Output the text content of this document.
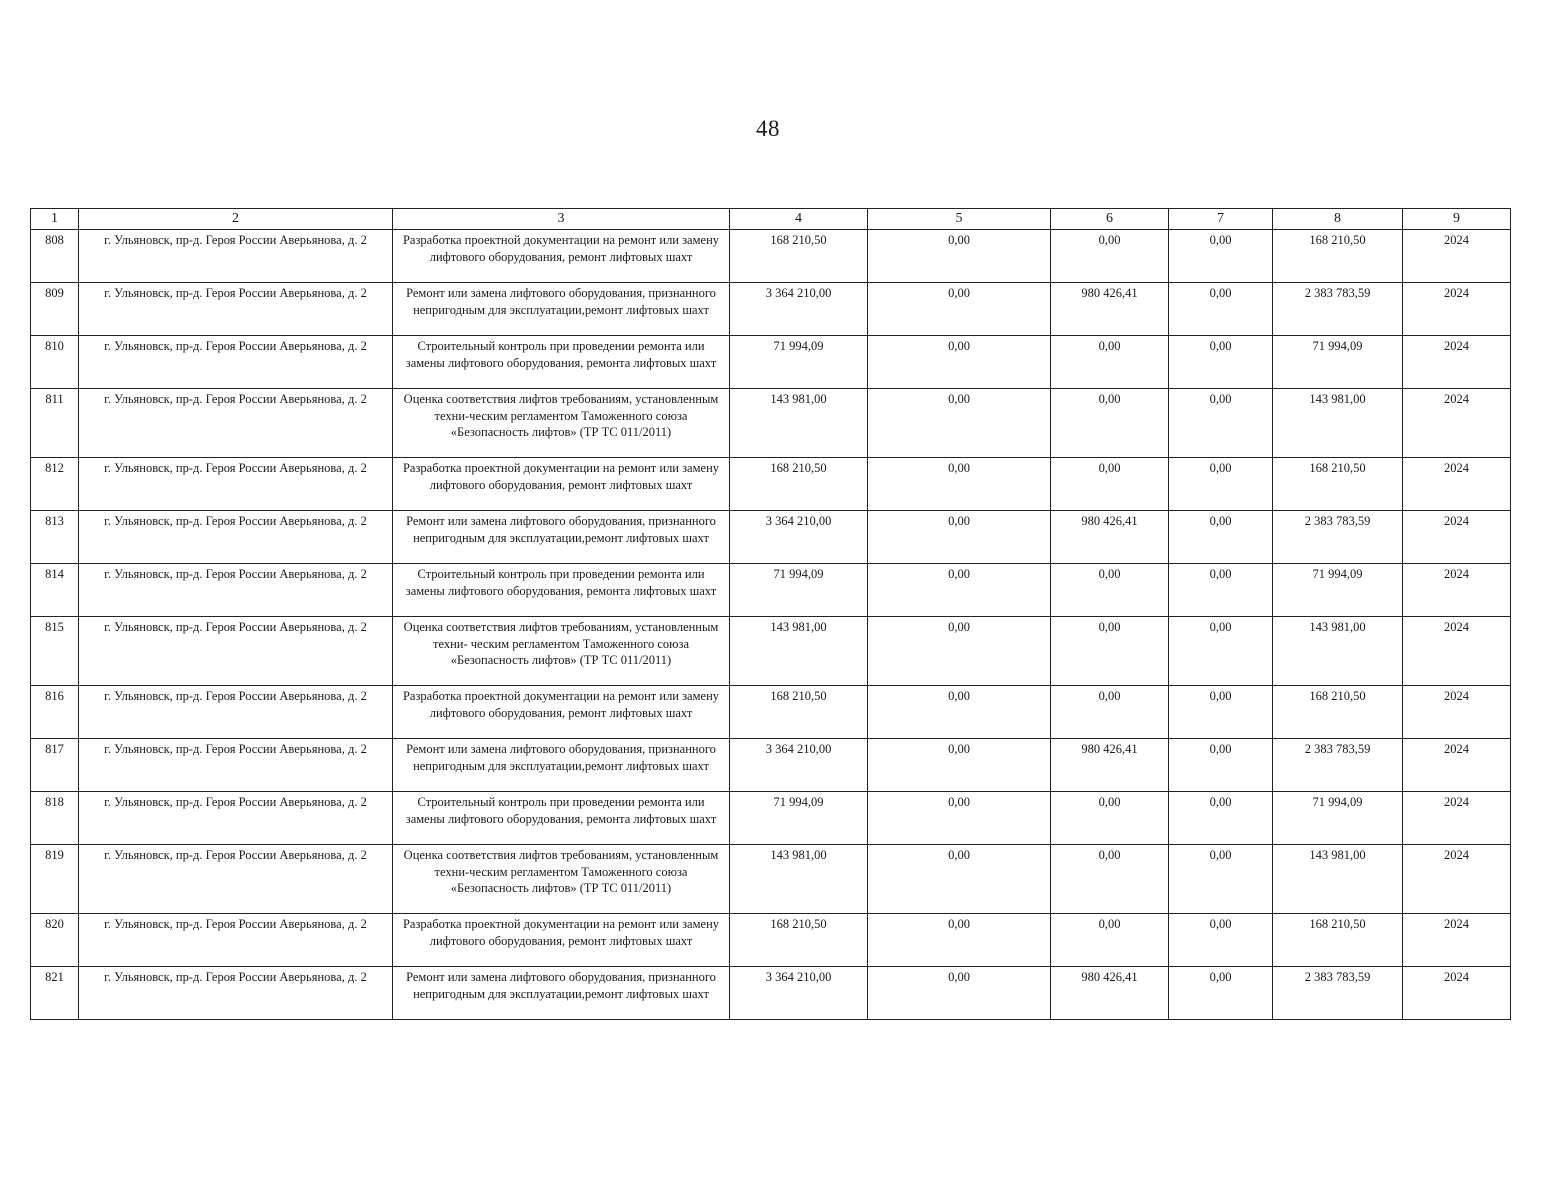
48
1	2	3	4	5	6	7	8	9
808	г. Ульяновск, пр-д. Героя России Аверьянова, д. 2	Разработка проектной документации на ремонт или замену лифтового оборудования, ремонт лифтовых шахт	168 210,50	0,00	0,00	0,00	168 210,50	2024
809	г. Ульяновск, пр-д. Героя России Аверьянова, д. 2	Ремонт или замена лифтового оборудования, признанного непригодным для эксплуатации,ремонт лифтовых шахт	3 364 210,00	0,00	980 426,41	0,00	2 383 783,59	2024
810	г. Ульяновск, пр-д. Героя России Аверьянова, д. 2	Строительный контроль при проведении ремонта или замены лифтового оборудования, ремонта лифтовых шахт	71 994,09	0,00	0,00	0,00	71 994,09	2024
811	г. Ульяновск, пр-д. Героя России Аверьянова, д. 2	Оценка соответствия лифтов требованиям, установленным техни-ческим регламентом Таможенного союза «Безопасность лифтов» (ТР ТС 011/2011)	143 981,00	0,00	0,00	0,00	143 981,00	2024
812	г. Ульяновск, пр-д. Героя России Аверьянова, д. 2	Разработка проектной документации на ремонт или замену лифтового оборудования, ремонт лифтовых шахт	168 210,50	0,00	0,00	0,00	168 210,50	2024
813	г. Ульяновск, пр-д. Героя России Аверьянова, д. 2	Ремонт или замена лифтового оборудования, признанного непригодным для эксплуатации,ремонт лифтовых шахт	3 364 210,00	0,00	980 426,41	0,00	2 383 783,59	2024
814	г. Ульяновск, пр-д. Героя России Аверьянова, д. 2	Строительный контроль при проведении ремонта или замены лифтового оборудования, ремонта лифтовых шахт	71 994,09	0,00	0,00	0,00	71 994,09	2024
815	г. Ульяновск, пр-д. Героя России Аверьянова, д. 2	Оценка соответствия лифтов требованиям, установленным техни- ческим регламентом Таможенного союза «Безопасность лифтов» (ТР ТС 011/2011)	143 981,00	0,00	0,00	0,00	143 981,00	2024
816	г. Ульяновск, пр-д. Героя России Аверьянова, д. 2	Разработка проектной документации на ремонт или замену лифтового оборудования, ремонт лифтовых шахт	168 210,50	0,00	0,00	0,00	168 210,50	2024
817	г. Ульяновск, пр-д. Героя России Аверьянова, д. 2	Ремонт или замена лифтового оборудования, признанного непригодным для эксплуатации,ремонт лифтовых шахт	3 364 210,00	0,00	980 426,41	0,00	2 383 783,59	2024
818	г. Ульяновск, пр-д. Героя России Аверьянова, д. 2	Строительный контроль при проведении ремонта или замены лифтового оборудования, ремонта лифтовых шахт	71 994,09	0,00	0,00	0,00	71 994,09	2024
819	г. Ульяновск, пр-д. Героя России Аверьянова, д. 2	Оценка соответствия лифтов требованиям, установленным техни-ческим регламентом Таможенного союза «Безопасность лифтов» (ТР ТС 011/2011)	143 981,00	0,00	0,00	0,00	143 981,00	2024
820	г. Ульяновск, пр-д. Героя России Аверьянова, д. 2	Разработка проектной документации на ремонт или замену лифтового оборудования, ремонт лифтовых шахт	168 210,50	0,00	0,00	0,00	168 210,50	2024
821	г. Ульяновск, пр-д. Героя России Аверьянова, д. 2	Ремонт или замена лифтового оборудования, признанного непригодным для эксплуатации,ремонт лифтовых шахт	3 364 210,00	0,00	980 426,41	0,00	2 383 783,59	2024
